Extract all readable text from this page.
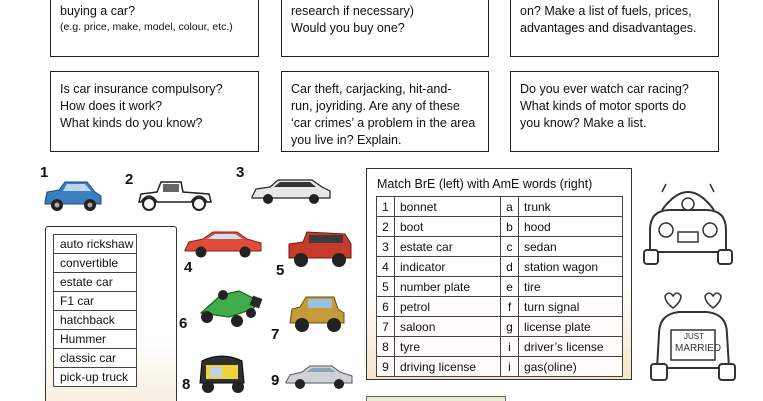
buying a car?
(e.g. price, make, model, colour, etc.)
research if necessary)
Would you buy one?
on? Make a list of fuels, prices,
advantages and disadvantages.
Is car insurance compulsory?
How does it work?
What kinds do you know?
Car theft, carjacking, hit-and-
run, joyriding. Are any of these
‘car crimes’ a problem in the area
you live in? Explain.
Do you ever watch car racing?
What kinds of motor sports do
you know? Make a list.
1	2	3
4	5
6
7
8	9
JUST
MARRIED
auto rickshaw
convertible
estate car
F1 car
hatchback
Hummer
classic car
pick-up truck
Match BrE (left) with AmE words (right)
1	bonnet	a	trunk
2	boot	b	hood
3	estate car	c	sedan
4	indicator	d	station wagon
5	number plate	e	tire
6	petrol	f	turn signal
7	saloon	g	license plate
8	tyre	i	driver’s license
9	driving license	i	gas(oline)
